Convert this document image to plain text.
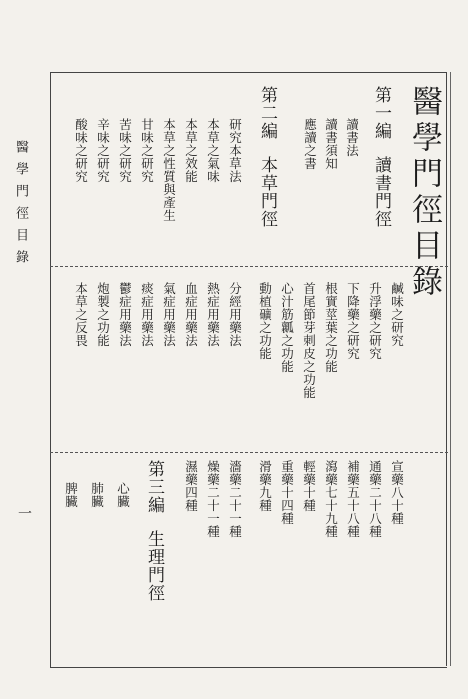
醫學門徑目錄
一
醫學門徑目錄
第一編讀書門徑
讀書法
讀書須知
應讀之書
第二編本草門徑
研究本草法
本草之氣味
本草之效能
本草之性質與產生
甘味之研究
苦味之研究
辛味之研究
酸味之研究
鹹味之研究
升浮藥之研究
下降藥之研究
根實莖葉之功能
首尾節芽刺皮之功能
心汁筋瓤之功能
動植礦之功能
分經用藥法
熱症用藥法
血症用藥法
氣症用藥法
痰症用藥法
鬱症用藥法
炮製之功能
本草之反畏
宣藥八十種
通藥二十八種
補藥五十八種
瀉藥七十九種
輕藥十種
重藥十四種
滑藥九種
濇藥二十一種
燥藥二十一種
濕藥四種
第三編生理門徑
心臟
肺臟
脾臟
